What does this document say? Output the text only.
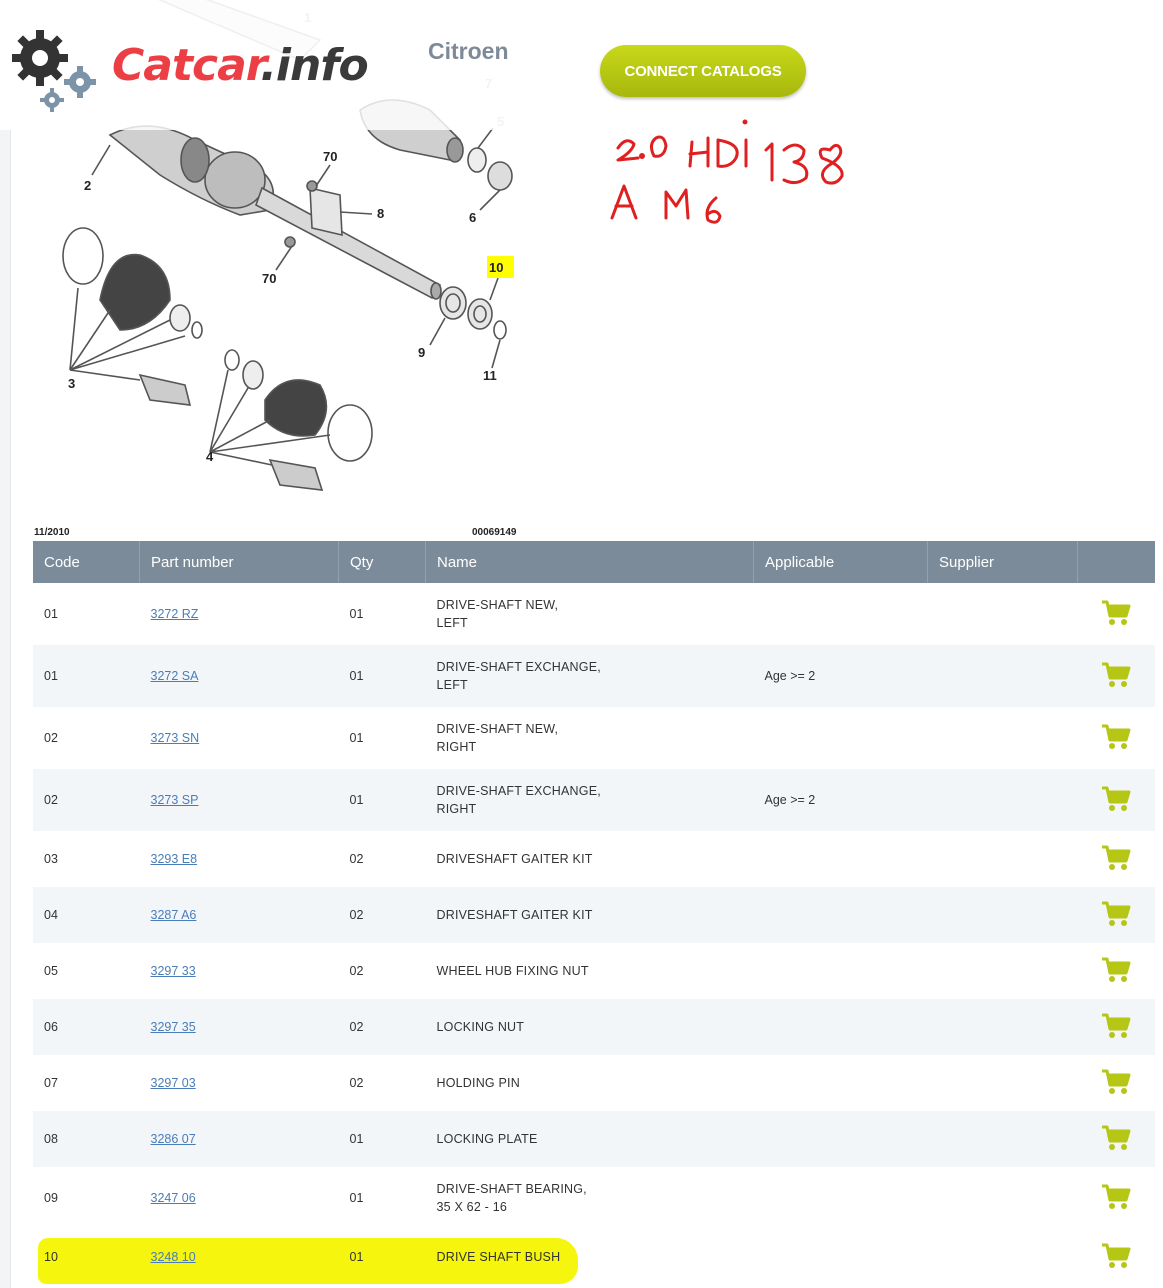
2
70
8
70
6
10
9
11
3
4
11/2010	00069149
Catcar.info	Citroen
CONNECT CATALOGS
Code	Part number	Qty	Name	Applicable	Supplier	
01	3272 RZ	01	DRIVE-SHAFT NEW,
LEFT

01	3272 SA	01	DRIVE-SHAFT EXCHANGE,
LEFT	Age >= 2		
02	3273 SN	01	DRIVE-SHAFT NEW,
RIGHT

02	3273 SP	01	DRIVE-SHAFT EXCHANGE,
RIGHT	Age >= 2		
03	3293 E8	02	DRIVESHAFT GAITER KIT

04	3287 A6	02	DRIVESHAFT GAITER KIT

05	3297 33	02	WHEEL HUB FIXING NUT

06	3297 35	02	LOCKING NUT

07	3297 03	02	HOLDING PIN

08	3286 07	01	LOCKING PLATE

09	3247 06	01	DRIVE-SHAFT BEARING,
35 X 62 - 16

10	3248 10	01	DRIVE SHAFT BUSH
